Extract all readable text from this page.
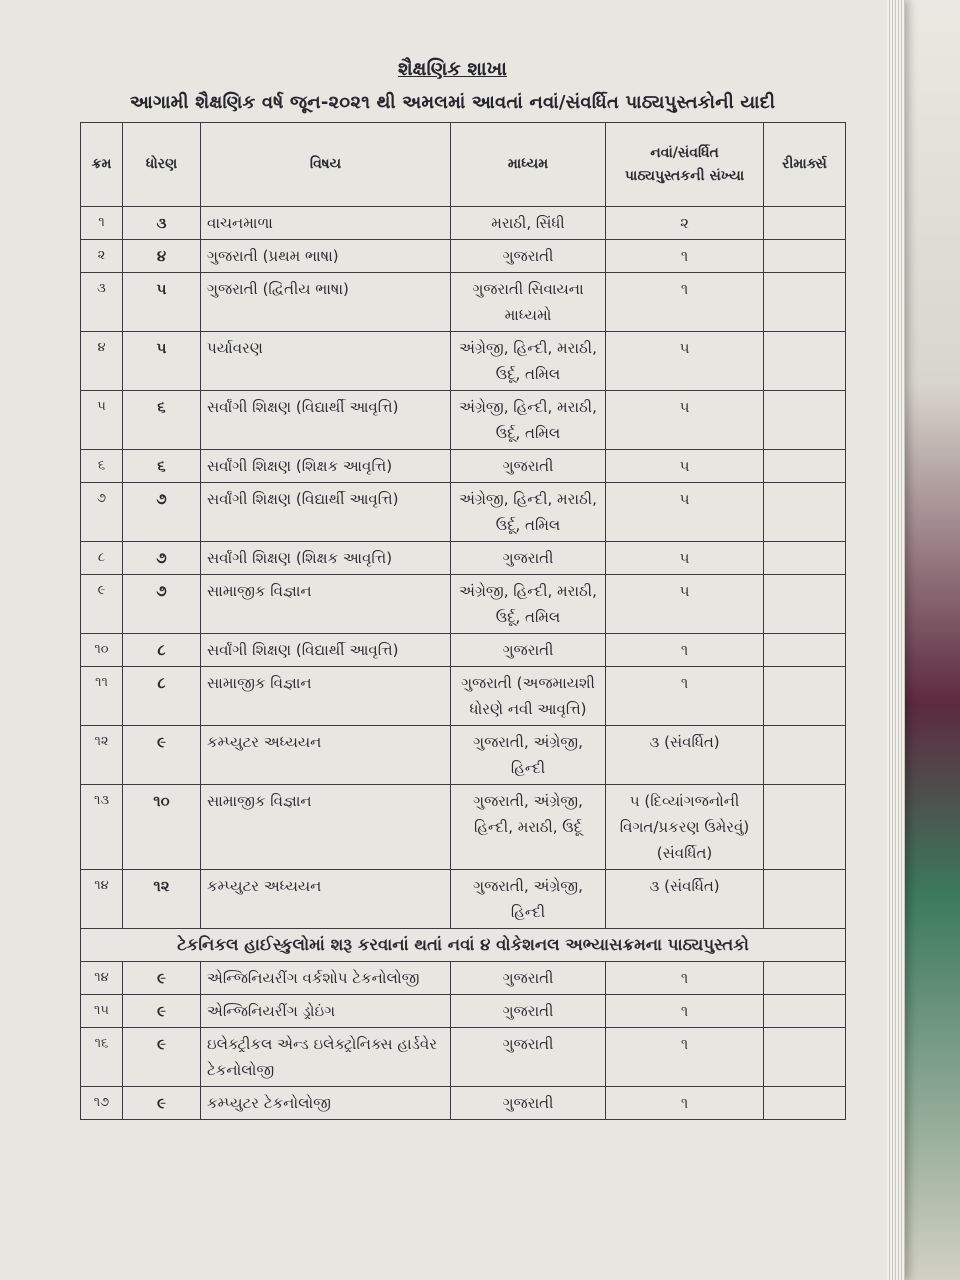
શૈક્ષણિક શાખા
આગામી શૈક્ષણિક વર્ષ જૂન-૨૦૨૧ થી અમલમાં આવતાં નવાં/સંવર્ધિત પાઠ્યપુસ્તકોની યાદી
ક્રમ	ધોરણ	વિષય	માધ્યમ	નવાં/સંવર્ધિત પાઠ્યપુસ્તકની સંખ્યા	રીમાર્ક્સ
૧	૩	વાચનમાળા	મરાઠી, સિંધી	૨	
૨	૪	ગુજરાતી (પ્રથમ ભાષા)	ગુજરાતી	૧	
૩	૫	ગુજરાતી (દ્વિતીય ભાષા)	ગુજરાતી સિવાયના માધ્યમો	૧	
૪	૫	પર્યાવરણ	અંગ્રેજી, હિન્દી, મરાઠી, ઉર્દૂ, તમિલ	૫	
૫	૬	સર્વાંગી શિક્ષણ (વિદ્યાર્થી આવૃત્તિ)	અંગ્રેજી, હિન્દી, મરાઠી, ઉર્દૂ, તમિલ	૫	
૬	૬	સર્વાંગી શિક્ષણ (શિક્ષક આવૃત્તિ)	ગુજરાતી	૫	
૭	૭	સર્વાંગી શિક્ષણ (વિદ્યાર્થી આવૃત્તિ)	અંગ્રેજી, હિન્દી, મરાઠી, ઉર્દૂ, તમિલ	૫	
૮	૭	સર્વાંગી શિક્ષણ (શિક્ષક આવૃત્તિ)	ગુજરાતી	૫	
૯	૭	સામાજીક વિજ્ઞાન	અંગ્રેજી, હિન્દી, મરાઠી, ઉર્દૂ, તમિલ	૫	
૧૦	૮	સર્વાંગી શિક્ષણ (વિદ્યાર્થી આવૃત્તિ)	ગુજરાતી	૧	
૧૧	૮	સામાજીક વિજ્ઞાન	ગુજરાતી (અજમાયશી ધોરણે નવી આવૃત્તિ)	૧	
૧૨	૯	કમ્પ્યુટર અધ્યયન	ગુજરાતી, અંગ્રેજી, હિન્દી	૩ (સંવર્ધિત)	
૧૩	૧૦	સામાજીક વિજ્ઞાન	ગુજરાતી, અંગ્રેજી, હિન્દી, મરાઠી, ઉર્દૂ	૫ (દિવ્યાંગજનોની વિગત/પ્રકરણ ઉમેરવું) (સંવર્ધિત)	
૧૪	૧૨	કમ્પ્યુટર અધ્યયન	ગુજરાતી, અંગ્રેજી, હિન્દી	૩ (સંવર્ધિત)	
ટેકનિકલ હાઈસ્કુલોમાં શરૂ કરવાનાં થતાં નવાં ૪ વોકેશનલ અભ્યાસક્રમના પાઠ્યપુસ્તકો					
૧૪	૯	એન્જિનિયરીંગ વર્કશોપ ટેકનોલોજી	ગુજરાતી	૧	
૧૫	૯	એન્જિનિયરીંગ ડ્રોઇંગ	ગુજરાતી	૧	
૧૬	૯	ઇલેક્ટ્રીકલ એન્ડ ઇલેક્ટ્રોનિક્સ હાર્ડવેર ટેકનોલોજી	ગુજરાતી	૧	
૧૭	૯	કમ્પ્યુટર ટેકનોલોજી	ગુજરાતી	૧	
